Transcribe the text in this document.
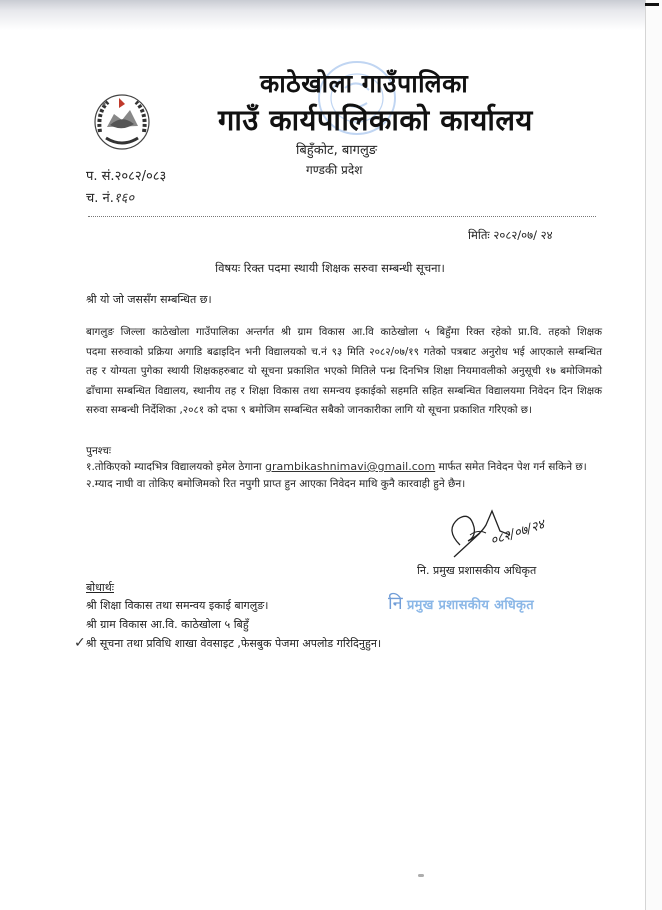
काठेखोला गाउँपालिका
गाउँ कार्यपालिकाको कार्यालय
बिहुँकोट, बागलुङ
गण्डकी प्रदेश
प. सं.२०८२/०८३
च. नं.१६०
मितिः २०८२/०७/ २४
विषयः रिक्त पदमा स्थायी शिक्षक सरुवा सम्बन्धी सूचना।
श्री यो जो जससँग सम्बन्धित छ।
बागलुङ जिल्ला काठेखोला गाउँपालिका अन्तर्गत श्री ग्राम विकास आ.वि काठेखोला ५ बिहुँमा रिक्त रहेको प्रा.वि. तहको शिक्षक
पदमा सरुवाको प्रक्रिया अगाडि बढाइदिन भनी विद्यालयको च.नं ९३ मिति २०८२/०७/१९ गतेको पत्रबाट अनुरोध भई आएकाले सम्बन्धित
तह र योग्यता पुगेका स्थायी शिक्षकहरुबाट यो सूचना प्रकाशित भएको मितिले पन्ध्र दिनभित्र शिक्षा नियमावलीको अनुसूची १७ बमोजिमको
ढाँचामा सम्बन्धित विद्यालय, स्थानीय तह र शिक्षा विकास तथा समन्वय इकाईको सहमति सहित सम्बन्धित विद्यालयमा निवेदन दिन शिक्षक
सरुवा सम्बन्धी निर्देशिका ,२०८१ को दफा ९ बमोजिम सम्बन्धित सबैको जानकारीका लागि यो सूचना प्रकाशित गरिएको छ।
पुनश्चः
१.तोकिएको म्यादभित्र विद्यालयको इमेल ठेगाना grambikashnimavi@gmail.com मार्फत समेत निवेदन पेश गर्न सकिने छ।
२.म्याद नाघी वा तोकिए बमोजिमको रित नपुगी प्राप्त हुन आएका निवेदन माथि कुनै कारवाही हुने छैन।
०८२/०७/२४
नि. प्रमुख प्रशासकीय अधिकृत
नि प्रमुख प्रशासकीय अधिकृत
बोधार्थः
श्री शिक्षा विकास तथा समन्वय इकाई बागलुङ।
श्री ग्राम विकास आ.वि. काठेखोला ५ बिहुँ
✓श्री सूचना तथा प्रविधि शाखा वेवसाइट ,फेसबुक पेजमा अपलोड गरिदिनुहुन।
